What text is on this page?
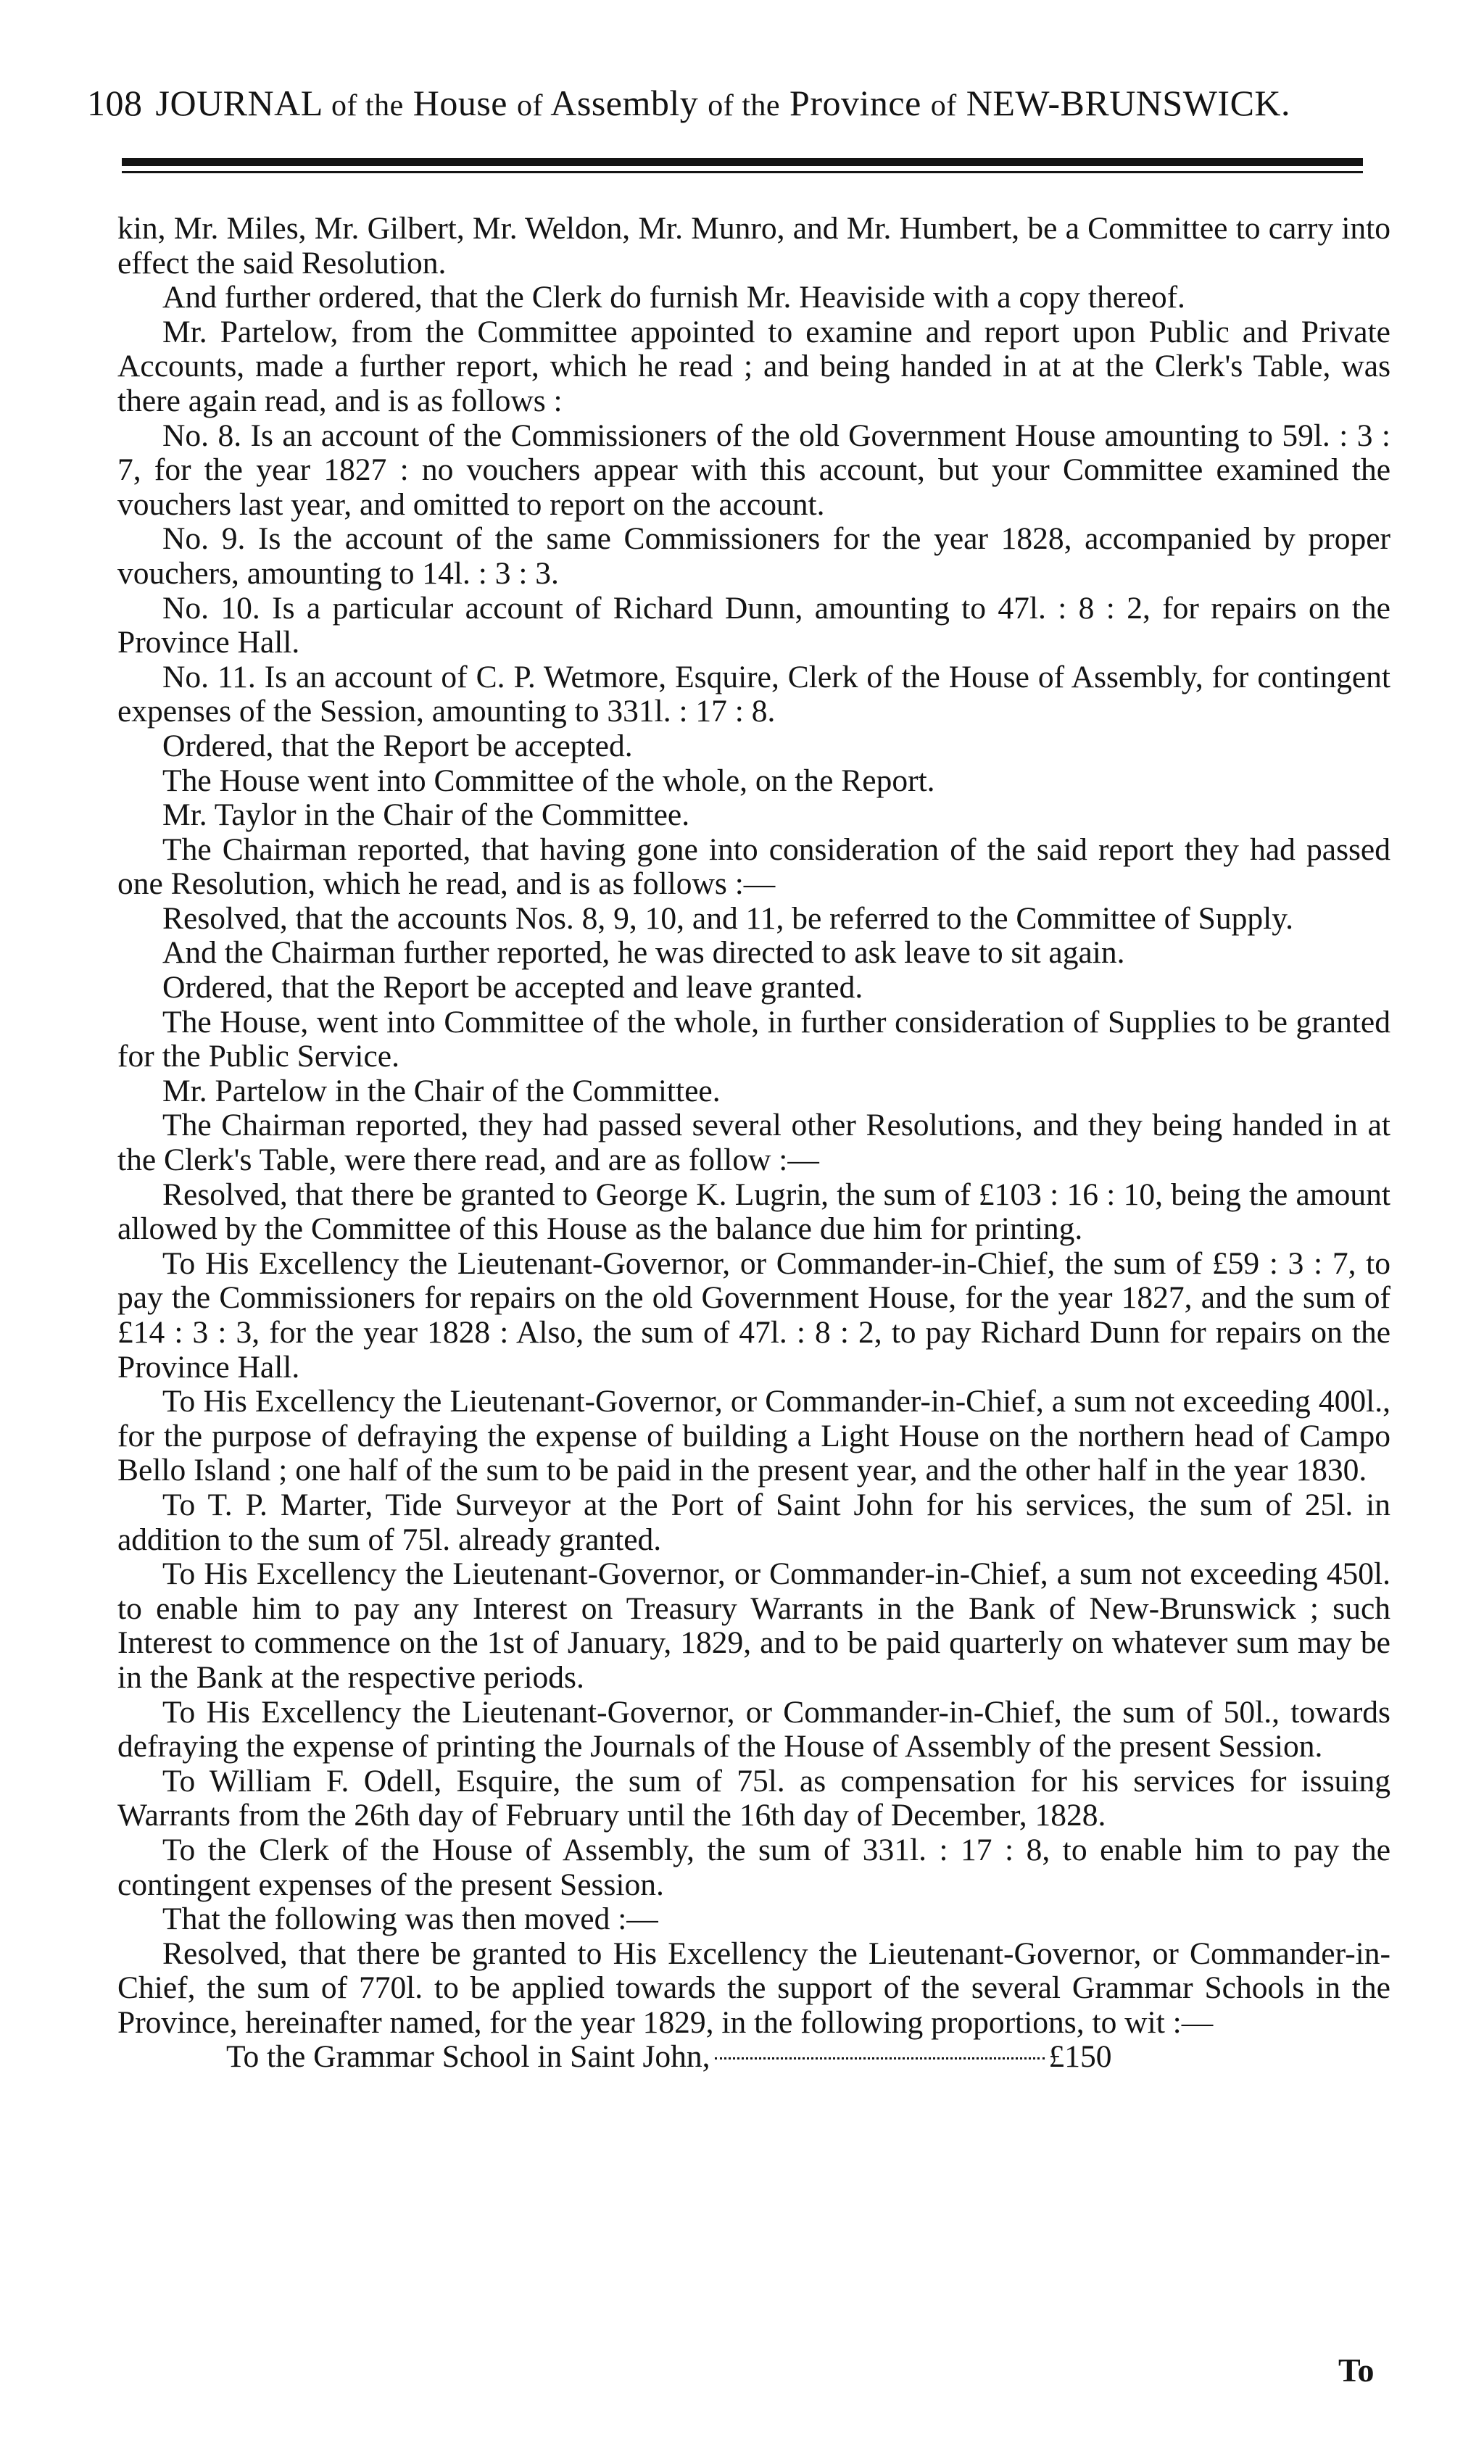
108 JOURNAL of the House of Assembly of the Province of NEW-BRUNSWICK.

kin, Mr. Miles, Mr. Gilbert, Mr. Weldon, Mr. Munro, and Mr. Humbert, be a Committee to carry into effect the said Resolution.

And further ordered, that the Clerk do furnish Mr. Heaviside with a copy thereof.

Mr. Partelow, from the Committee appointed to examine and report upon Public and Private Accounts, made a further report, which he read ; and being handed in at at the Clerk's Table, was there again read, and is as follows :

No. 8. Is an account of the Commissioners of the old Government House amounting to 59l. : 3 : 7, for the year 1827 : no vouchers appear with this account, but your Committee examined the vouchers last year, and omitted to report on the account.

No. 9. Is the account of the same Commissioners for the year 1828, accompanied by proper vouchers, amounting to 14l. : 3 : 3.

No. 10. Is a particular account of Richard Dunn, amounting to 47l. : 8 : 2, for repairs on the Province Hall.

No. 11. Is an account of C. P. Wetmore, Esquire, Clerk of the House of Assembly, for contingent expenses of the Session, amounting to 331l. : 17 : 8.

Ordered, that the Report be accepted.

The House went into Committee of the whole, on the Report.

Mr. Taylor in the Chair of the Committee.

The Chairman reported, that having gone into consideration of the said report they had passed one Resolution, which he read, and is as follows :—

Resolved, that the accounts Nos. 8, 9, 10, and 11, be referred to the Committee of Supply.

And the Chairman further reported, he was directed to ask leave to sit again.

Ordered, that the Report be accepted and leave granted.

The House, went into Committee of the whole, in further consideration of Supplies to be granted for the Public Service.

Mr. Partelow in the Chair of the Committee.

The Chairman reported, they had passed several other Resolutions, and they being handed in at the Clerk's Table, were there read, and are as follow :—

Resolved, that there be granted to George K. Lugrin, the sum of £103 : 16 : 10, being the amount allowed by the Committee of this House as the balance due him for printing.

To His Excellency the Lieutenant-Governor, or Commander-in-Chief, the sum of £59 : 3 : 7, to pay the Commissioners for repairs on the old Government House, for the year 1827, and the sum of £14 : 3 : 3, for the year 1828 : Also, the sum of 47l. : 8 : 2, to pay Richard Dunn for repairs on the Province Hall.

To His Excellency the Lieutenant-Governor, or Commander-in-Chief, a sum not exceeding 400l., for the purpose of defraying the expense of building a Light House on the northern head of Campo Bello Island ; one half of the sum to be paid in the present year, and the other half in the year 1830.

To T. P. Marter, Tide Surveyor at the Port of Saint John for his services, the sum of 25l. in addition to the sum of 75l. already granted.

To His Excellency the Lieutenant-Governor, or Commander-in-Chief, a sum not exceeding 450l. to enable him to pay any Interest on Treasury Warrants in the Bank of New-Brunswick ; such Interest to commence on the 1st of January, 1829, and to be paid quarterly on whatever sum may be in the Bank at the respective periods.

To His Excellency the Lieutenant-Governor, or Commander-in-Chief, the sum of 50l., towards defraying the expense of printing the Journals of the House of Assembly of the present Session.

To William F. Odell, Esquire, the sum of 75l. as compensation for his services for issuing Warrants from the 26th day of February until the 16th day of December, 1828.

To the Clerk of the House of Assembly, the sum of 331l. : 17 : 8, to enable him to pay the contingent expenses of the present Session.

That the following was then moved :—

Resolved, that there be granted to His Excellency the Lieutenant-Governor, or Commander-in-Chief, the sum of 770l. to be applied towards the support of the several Grammar Schools in the Province, hereinafter named, for the year 1829, in the following proportions, to wit :—

To the Grammar School in Saint John,	£150

To
